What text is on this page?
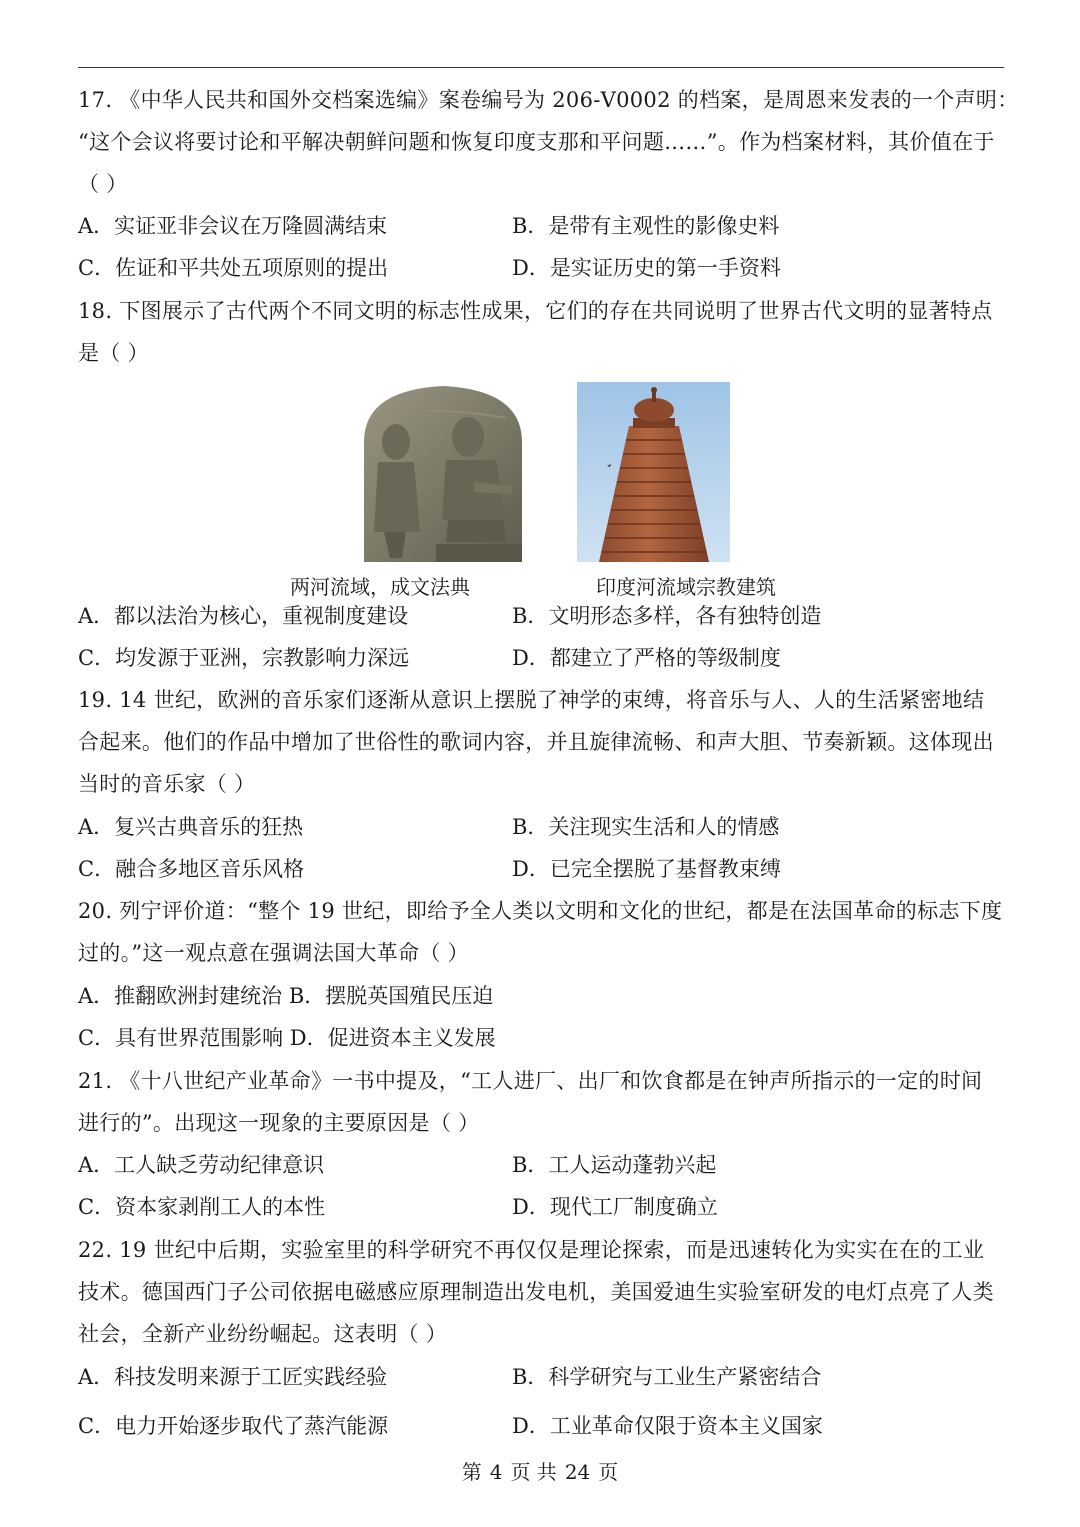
17. 《中华人民共和国外交档案选编》案卷编号为 206-V0002 的档案，是周恩来发表的一个声明：
“这个会议将要讨论和平解决朝鲜问题和恢复印度支那和平问题……”。作为档案材料，其价值在于
（ ）
A．实证亚非会议在万隆圆满结束	B．是带有主观性的影像史料
C．佐证和平共处五项原则的提出	D．是实证历史的第一手资料
18. 下图展示了古代两个不同文明的标志性成果，它们的存在共同说明了世界古代文明的显著特点
是（ ）
两河流域，成文法典	印度河流域宗教建筑
A．都以法治为核心，重视制度建设	B．文明形态多样，各有独特创造
C．均发源于亚洲，宗教影响力深远	D．都建立了严格的等级制度
19. 14 世纪，欧洲的音乐家们逐渐从意识上摆脱了神学的束缚，将音乐与人、人的生活紧密地结
合起来。他们的作品中增加了世俗性的歌词内容，并且旋律流畅、和声大胆、节奏新颖。这体现出
当时的音乐家（ ）
A．复兴古典音乐的狂热	B．关注现实生活和人的情感
C．融合多地区音乐风格	D．已完全摆脱了基督教束缚
20. 列宁评价道：“整个 19 世纪，即给予全人类以文明和文化的世纪，都是在法国革命的标志下度
过的。”这一观点意在强调法国大革命（ ）
A．推翻欧洲封建统治 B．摆脱英国殖民压迫
C．具有世界范围影响 D．促进资本主义发展
21. 《十八世纪产业革命》一书中提及，“工人进厂、出厂和饮食都是在钟声所指示的一定的时间
进行的”。出现这一现象的主要原因是（ ）
A．工人缺乏劳动纪律意识	B．工人运动蓬勃兴起
C．资本家剥削工人的本性	D．现代工厂制度确立
22. 19 世纪中后期，实验室里的科学研究不再仅仅是理论探索，而是迅速转化为实实在在的工业
技术。德国西门子公司依据电磁感应原理制造出发电机，美国爱迪生实验室研发的电灯点亮了人类
社会，全新产业纷纷崛起。这表明（ ）
A．科技发明来源于工匠实践经验	B．科学研究与工业生产紧密结合
C．电力开始逐步取代了蒸汽能源	D．工业革命仅限于资本主义国家
第 4 页 共 24 页
